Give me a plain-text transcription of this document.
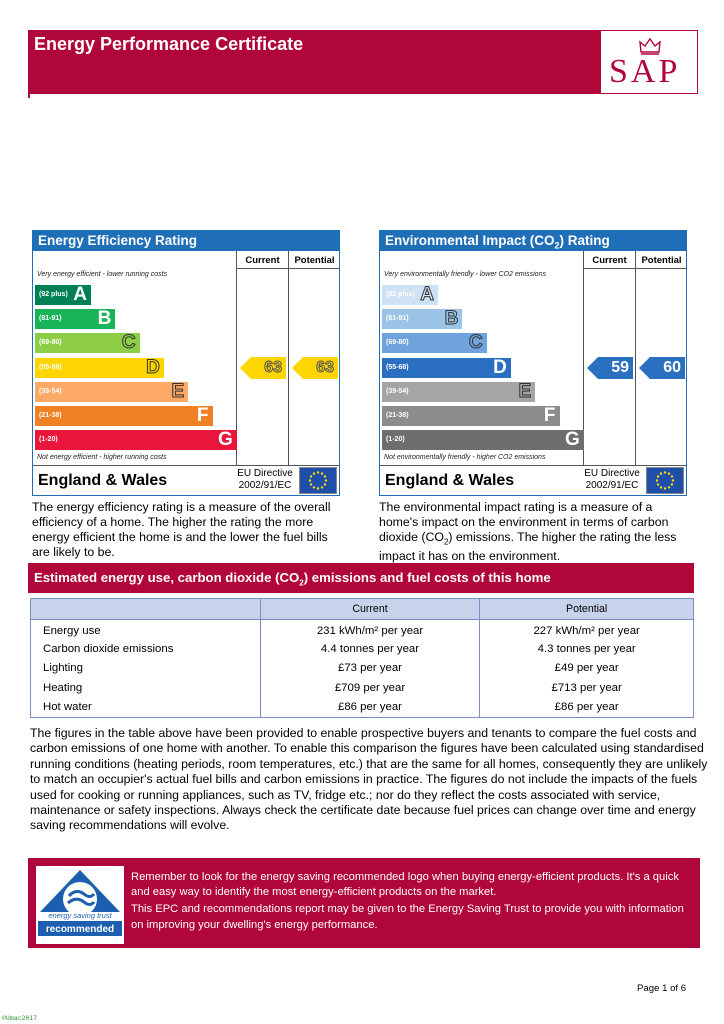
Energy Performance Certificate
SAP
Energy Efficiency Rating
Current	Potential
Very energy efficient - lower running costs
Not energy efficient - higher running costs
(92 plus) A
(81-91) B
(69-80)	C
(55-68)	D
(39-54)	E
(21-38)	F
(1-20)	G
63 63
England & Wales	EU Directive
2002/91/EC
The energy efficiency rating is a measure of the overall efficiency of a home. The higher the rating the more energy efficient the home is and the lower the fuel bills are likely to be.
Environmental Impact $(CO_2)$ Rating
Current	Potential
Very environmentally friendly - lower CO2 emissions
Not environmentally friendly - higher CO2 emissions
(92 plus) A
(81-91) B
(69-80)	C
(55-68)	D
(39-54)	E
(21-38)	F
(1-20)	G
59 60
England & Wales	EU Directive
2002/91/EC
The environmental impact rating is a measure of a home's impact on the environment in terms of carbon dioxide $(CO_2)$ emissions. The higher the rating the less impact it has on the environment.
Estimated energy use, carbon dioxide $(CO_2)$ emissions and fuel costs of this home
	Current	Potential
Energy use	231 kWh/m² per year	227 kWh/m² per year
Carbon dioxide emissions	4.4 tonnes per year	4.3 tonnes per year
Lighting	£73 per year	£49 per year
Heating	£709 per year	£713 per year
Hot water	£86 per year	£86 per year
The figures in the table above have been provided to enable prospective buyers and tenants to compare the fuel costs and carbon emissions of one home with another. To enable this comparison the figures have been calculated using standardised running conditions (heating periods, room temperatures, etc.) that are the same for all homes, consequently they are unlikely to match an occupier's actual fuel bills and carbon emissions in practice. The figures do not include the impacts of the fuels used for cooking or running appliances, such as TV, fridge etc.; nor do they reflect the costs associated with service, maintenance or safety inspections. Always check the certificate date because fuel prices can change over time and energy saving recommendations will evolve.
energy saving trust
recommended
Remember to look for the energy saving recommended logo when buying energy-efficient products. It's a quick and easy way to identify the most energy-efficient products on the market.
This EPC and recommendations report may be given to the Energy Saving Trust to provide you with information on improving your dwelling's energy performance.
Page 1 of 6
©Umac2017
